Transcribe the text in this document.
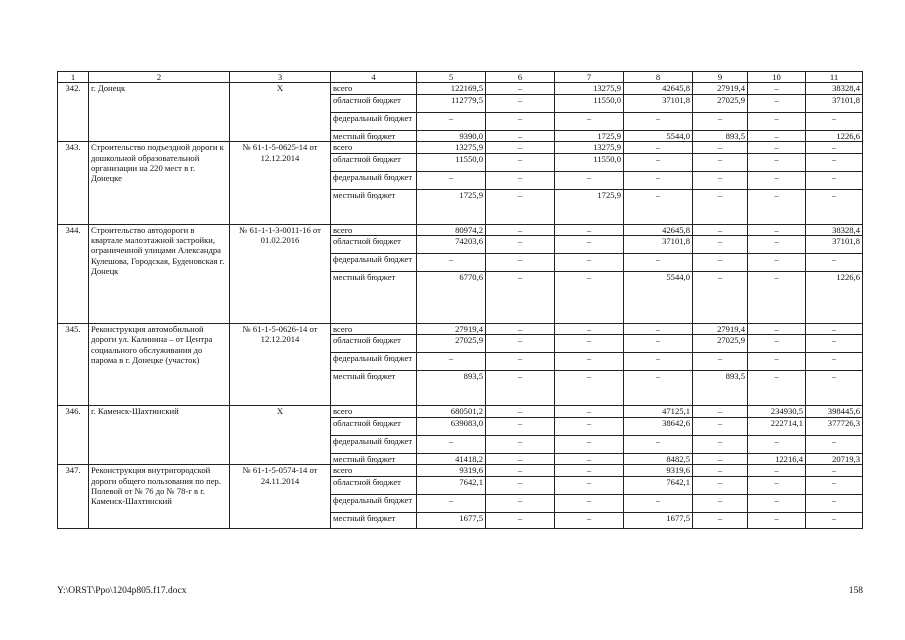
1	2	3	4	5	6	7	8	9	10	11
342.	г. Донецк	X	всего	122169,5	–	13275,9	42645,8	27919,4	–	38328,4
			областной бюджет	112779,5	–	11550,0	37101,8	27025,9	–	37101,8
			федеральный бюджет	–	–	–	–	–	–	–
			местный бюджет	9390,0	–	1725,9	5544,0	893,5	–	1226,6
343.	Строительство подъездной дороги к дошкольной образовательной организации на 220 мест в г. Донецке	№ 61-1-5-0625-14 от 12.12.2014	всего	13275,9	–	13275,9	–	–	–	–
			областной бюджет	11550,0	–	11550,0	–	–	–	–
			федеральный бюджет	–	–	–	–	–	–	–
			местный бюджет	1725,9	–	1725,9	–	–	–	–
344.	Строительство автодороги в квартале малоэтажной застройки, ограниченной улицами Александра Кулешова, Городская, Буденовская г. Донецк	№ 61-1-1-3-0011-16 от 01.02.2016	всего	80974,2	–	–	42645,8	–	–	38328,4
			областной бюджет	74203,6	–	–	37101,8	–	–	37101,8
			федеральный бюджет	–	–	–	–	–	–	–
			местный бюджет	6770,6	–	–	5544,0	–	–	1226,6
345.	Реконструкция автомобильной дороги ул. Калинина – от Центра социального обслуживания до парома в г. Донецке (участок)	№ 61-1-5-0626-14 от 12.12.2014	всего	27919,4	–	–	–	27919,4	–	–
			областной бюджет	27025,9	–	–	–	27025,9	–	–
			федеральный бюджет	–	–	–	–	–	–	–
			местный бюджет	893,5	–	–	–	893,5	–	–
346.	г. Каменск-Шахтинский	X	всего	680501,2	–	–	47125,1	–	234930,5	398445,6
			областной бюджет	639083,0	–	–	38642,6	–	222714,1	377726,3
			федеральный бюджет	–	–	–	–	–	–	–
			местный бюджет	41418,2	–	–	8482,5	–	12216,4	20719,3
347.	Реконструкция внутригородской дороги общего пользования по пер. Полевой от № 76 до № 78-г в г. Каменск-Шахтинский	№ 61-1-5-0574-14 от 24.11.2014	всего	9319,6	–	–	9319,6	–	–	–
			областной бюджет	7642,1	–	–	7642,1	–	–	–
			федеральный бюджет	–	–	–	–	–	–	–
			местный бюджет	1677,5	–	–	1677,5	–	–	–
Y:\ORST\Ppo\1204p805.f17.docx	158
